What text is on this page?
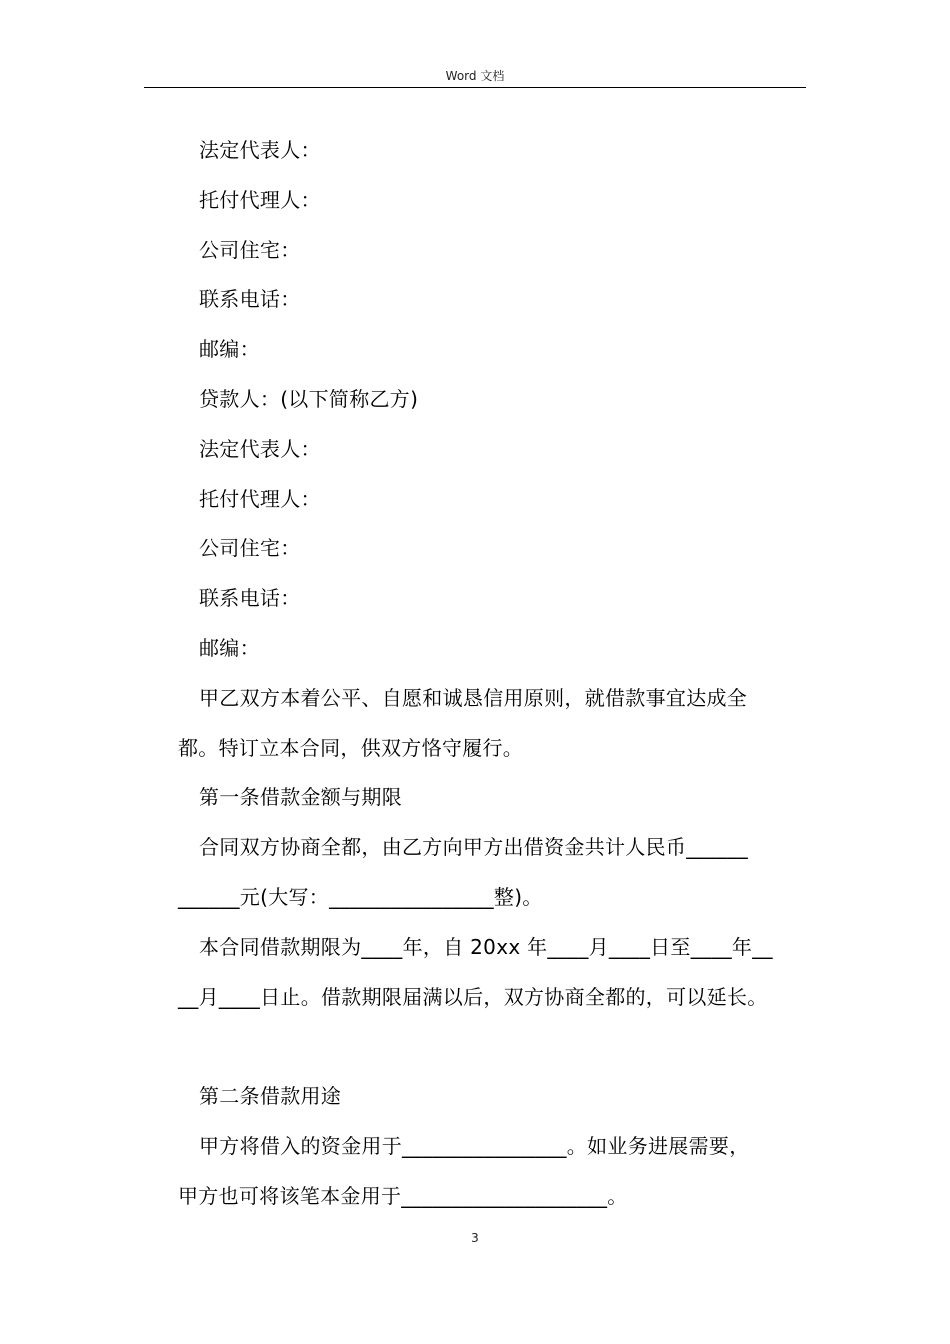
Word 文档
法定代表人：
托付代理人：
公司住宅：
联系电话：
邮编：
贷款人：(以下简称乙方)
法定代表人：
托付代理人：
公司住宅：
联系电话：
邮编：
甲乙双方本着公平、自愿和诚恳信用原则，就借款事宜达成全
都。特订立本合同，供双方恪守履行。
第一条借款金额与期限
合同双方协商全都，由乙方向甲方出借资金共计人民币______
______元(大写：________________整)。
本合同借款期限为____年，自 20xx 年____月____日至____年__
__月____日止。借款期限届满以后，双方协商全都的，可以延长。
第二条借款用途
甲方将借入的资金用于________________。如业务进展需要，
甲方也可将该笔本金用于____________________。
3
